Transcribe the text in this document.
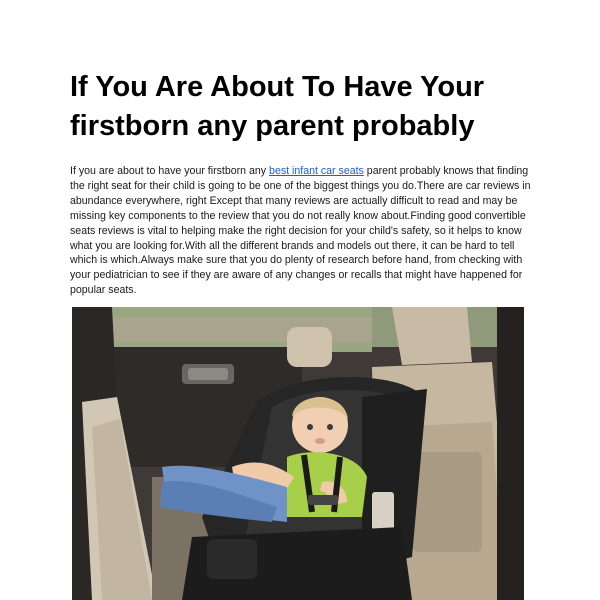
If You Are About To Have Your firstborn any parent probably

If you are about to have your firstborn any best infant car seats parent probably knows that finding the right seat for their child is going to be one of the biggest things you do.There are car reviews in abundance everywhere, right Except that many reviews are actually difficult to read and may be missing key components to the review that you do not really know about.Finding good convertible seats reviews is vital to helping make the right decision for your child's safety, so it helps to know what you are looking for.With all the different brands and models out there, it can be hard to tell which is which.Always make sure that you do plenty of research before hand, from checking with your pediatrician to see if they are aware of any changes or recalls that might have happened for popular seats.
